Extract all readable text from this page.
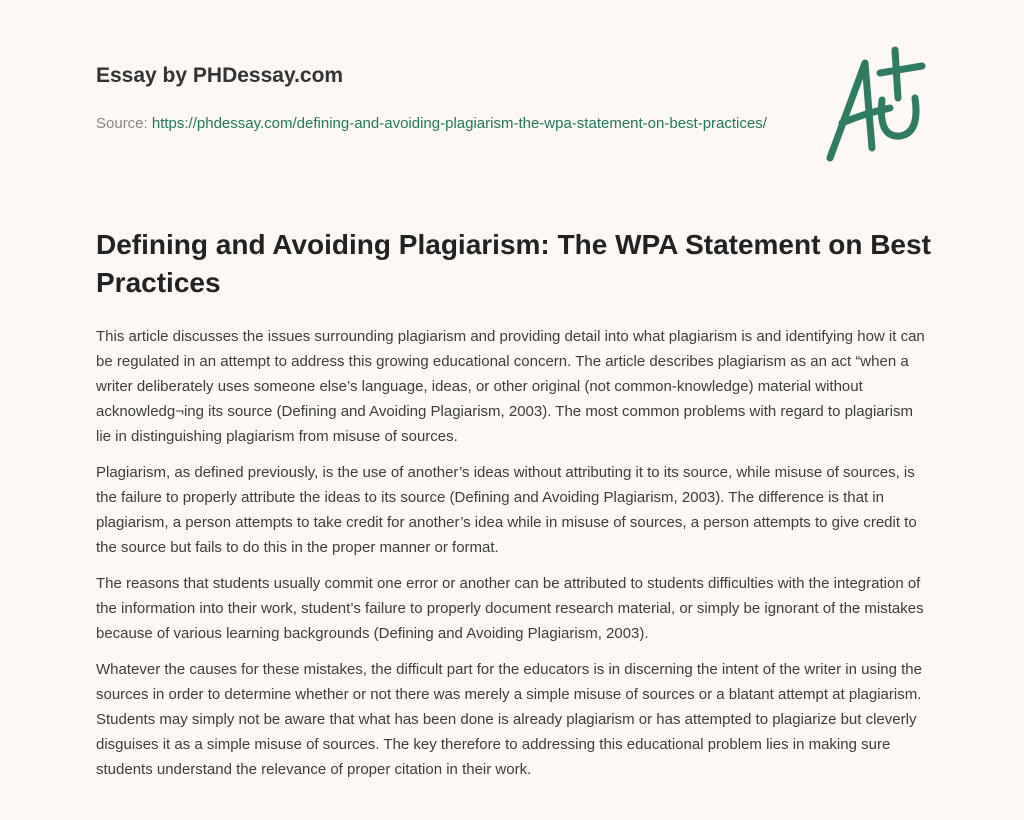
Essay by PHDessay.com
Source: https://phdessay.com/defining-and-avoiding-plagiarism-the-wpa-statement-on-best-practices/
Defining and Avoiding Plagiarism: The WPA Statement on Best Practices

This article discusses the issues surrounding plagiarism and providing detail into what plagiarism is and identifying how it can be regulated in an attempt to address this growing educational concern. The article describes plagiarism as an act “when a writer deliberately uses someone else’s language, ideas, or other original (not common-knowledge) material without acknowledg¬ing its source (Defining and Avoiding Plagiarism, 2003). The most common problems with regard to plagiarism lie in distinguishing plagiarism from misuse of sources.

Plagiarism, as defined previously, is the use of another’s ideas without attributing it to its source, while misuse of sources, is the failure to properly attribute the ideas to its source (Defining and Avoiding Plagiarism, 2003). The difference is that in plagiarism, a person attempts to take credit for another’s idea while in misuse of sources, a person attempts to give credit to the source but fails to do this in the proper manner or format.

The reasons that students usually commit one error or another can be attributed to students difficulties with the integration of the information into their work, student’s failure to properly document research material, or simply be ignorant of the mistakes because of various learning backgrounds (Defining and Avoiding Plagiarism, 2003).

Whatever the causes for these mistakes, the difficult part for the educators is in discerning the intent of the writer in using the sources in order to determine whether or not there was merely a simple misuse of sources or a blatant attempt at plagiarism. Students may simply not be aware that what has been done is already plagiarism or has attempted to plagiarize but cleverly disguises it as a simple misuse of sources. The key therefore to addressing this educational problem lies in making sure students understand the relevance of proper citation in their work.
